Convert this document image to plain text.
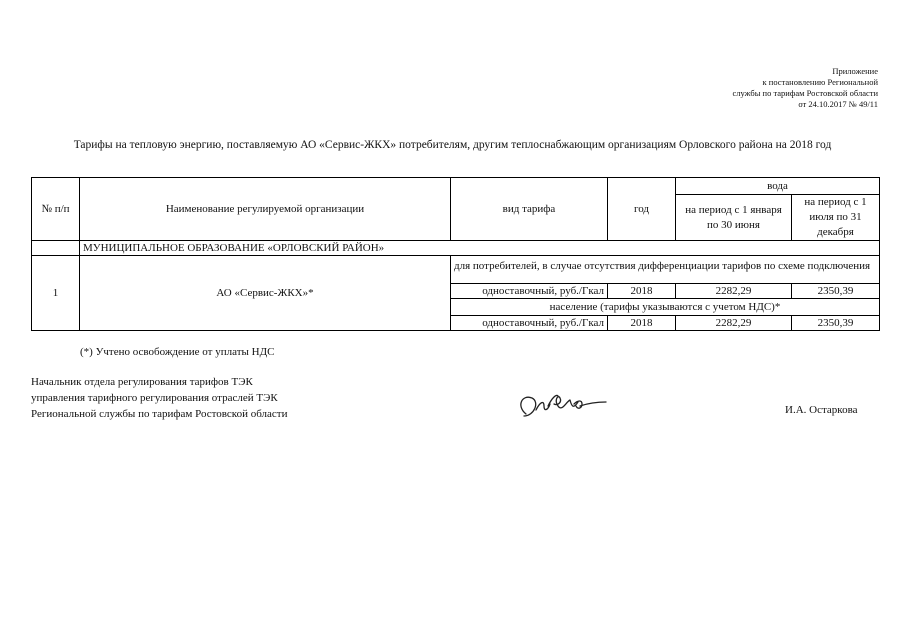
Приложение
к постановлению Региональной
службы по тарифам Ростовской области
от 24.10.2017 № 49/11
Тарифы на тепловую энергию, поставляемую АО «Сервис-ЖКХ» потребителям, другим теплоснабжающим организациям Орловского района на 2018 год
№ п/п	Наименование регулируемой организации	вид тарифа	год	вода	
				на период с 1 января по 30 июня	на период с 1 июля по 31 декабря
	МУНИЦИПАЛЬНОЕ ОБРАЗОВАНИЕ «ОРЛОВСКИЙ РАЙОН»				
1	АО «Сервис-ЖКХ»*	для потребителей, в случае отсутствия дифференциации тарифов по схеме подключения			
		одноставочный, руб./Гкал	2018	2282,29	2350,39
		население (тарифы указываются с учетом НДС)*			
		одноставочный, руб./Гкал	2018	2282,29	2350,39
(*) Учтено освобождение от уплаты НДС
Начальник отдела регулирования тарифов ТЭК
управления тарифного регулирования отраслей ТЭК
Региональной службы по тарифам Ростовской области	И.А. Остаркова
